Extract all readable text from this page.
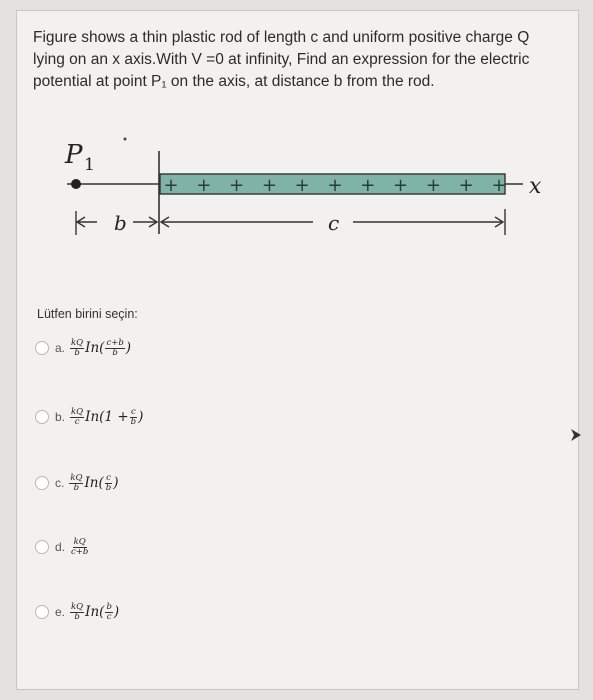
Figure shows a thin plastic rod of length c and uniform positive charge Q
lying on an x axis.With V =0 at infinity, Find an expression for the electric
potential at point P₁ on the axis, at distance b from the rod.
P 1
+ + + + + + + + + + + x
b	c
Lütfen birini seçin:
a. $\frac{kQ}{b} In( \frac{c+b}{b}$ )
b. $\frac{kQ}{c} In(1 + \frac{c}{b}$ )
c. $\frac{kQ}{b} In( \frac{c}{b}$ )
d. $\frac{kQ}{c+b}$
e. $\frac{kQ}{b} In( \frac{b}{c}$ )
